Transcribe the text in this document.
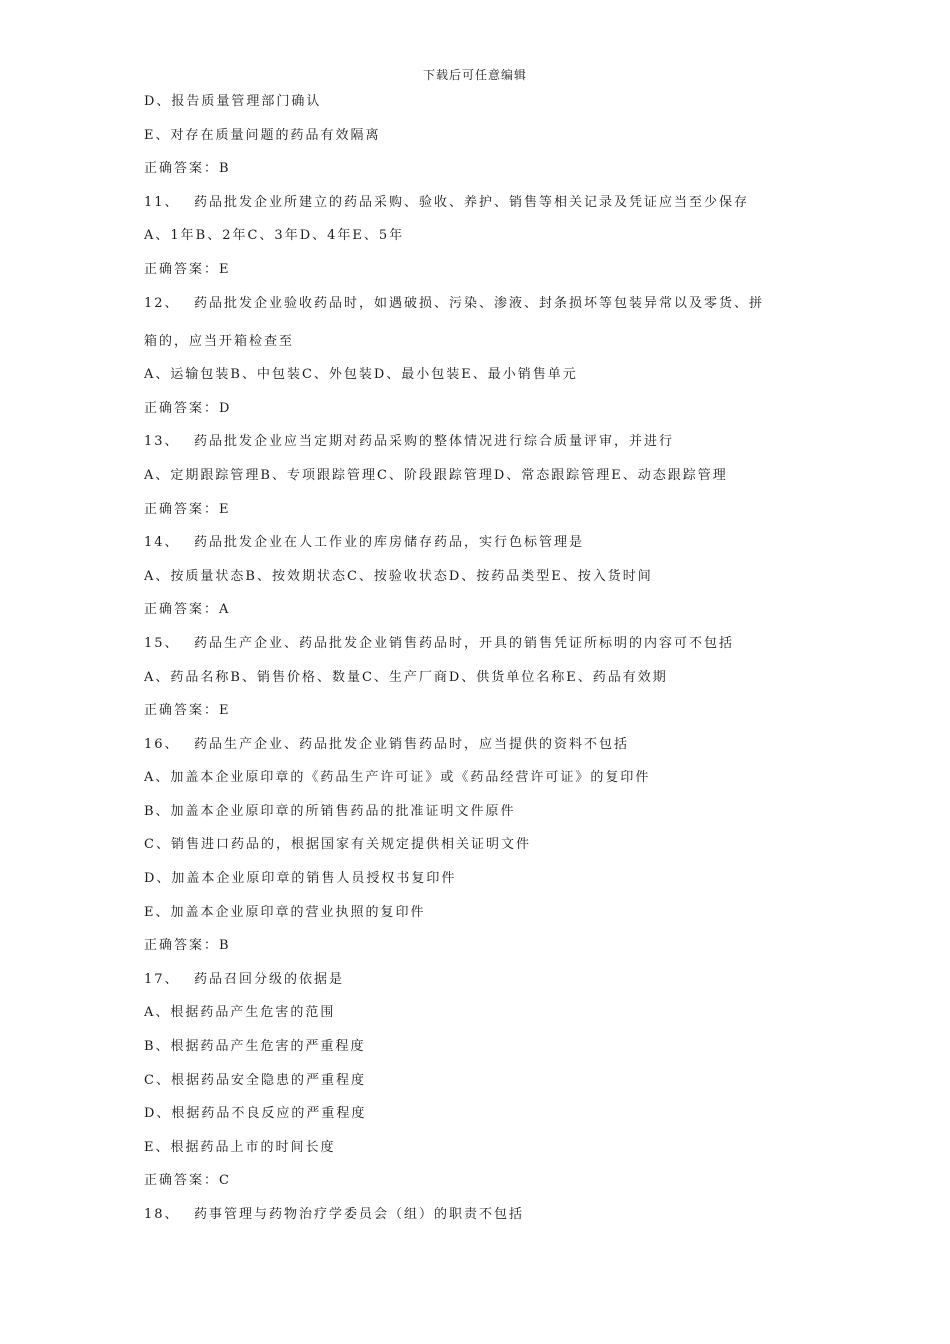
下载后可任意编辑
D、报告质量管理部门确认
E、对存在质量问题的药品有效隔离
正确答案：B
11、 药品批发企业所建立的药品采购、验收、养护、销售等相关记录及凭证应当至少保存
A、1年B、2年C、3年D、4年E、5年
正确答案：E
12、 药品批发企业验收药品时，如遇破损、污染、渗液、封条损坏等包装异常以及零货、拼
箱的，应当开箱检查至
A、运输包装B、中包装C、外包装D、最小包装E、最小销售单元
正确答案：D
13、 药品批发企业应当定期对药品采购的整体情况进行综合质量评审，并进行
A、定期跟踪管理B、专项跟踪管理C、阶段跟踪管理D、常态跟踪管理E、动态跟踪管理
正确答案：E
14、 药品批发企业在人工作业的库房储存药品，实行色标管理是
A、按质量状态B、按效期状态C、按验收状态D、按药品类型E、按入货时间
正确答案：A
15、 药品生产企业、药品批发企业销售药品时，开具的销售凭证所标明的内容可不包括
A、药品名称B、销售价格、数量C、生产厂商D、供货单位名称E、药品有效期
正确答案：E
16、 药品生产企业、药品批发企业销售药品时，应当提供的资料不包括
A、加盖本企业原印章的《药品生产许可证》或《药品经营许可证》的复印件
B、加盖本企业原印章的所销售药品的批准证明文件原件
C、销售进口药品的，根据国家有关规定提供相关证明文件
D、加盖本企业原印章的销售人员授权书复印件
E、加盖本企业原印章的营业执照的复印件
正确答案：B
17、 药品召回分级的依据是
A、根据药品产生危害的范围
B、根据药品产生危害的严重程度
C、根据药品安全隐患的严重程度
D、根据药品不良反应的严重程度
E、根据药品上市的时间长度
正确答案：C
18、 药事管理与药物治疗学委员会（组）的职责不包括
